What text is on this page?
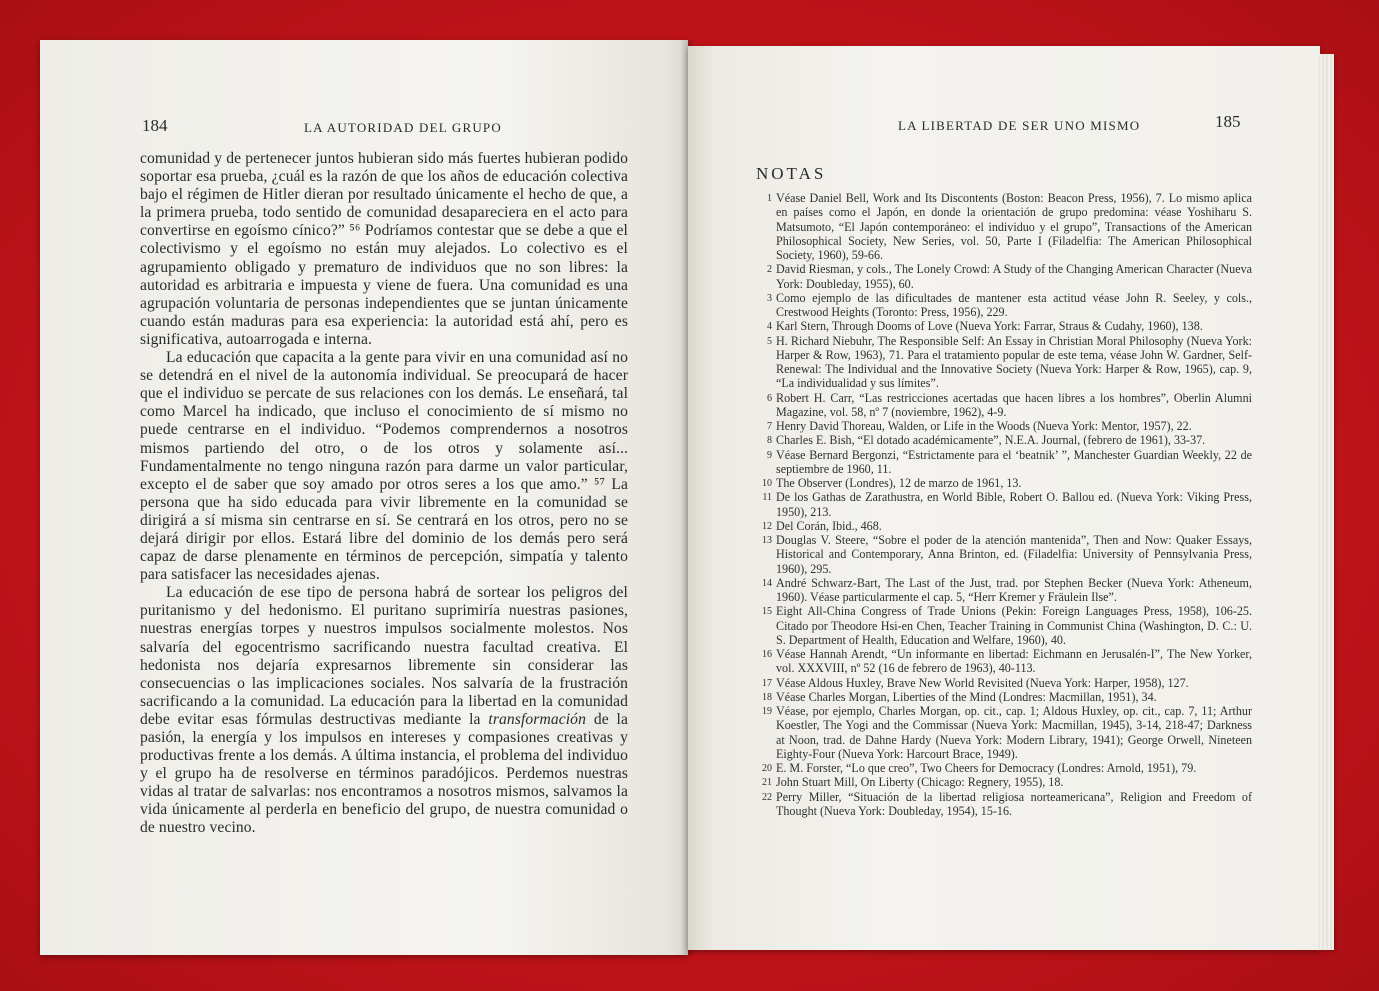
184	LA AUTORIDAD DEL GRUPO

comunidad y de pertenecer juntos hubieran sido más fuertes hubieran podido soportar esa prueba, ¿cuál es la razón de que los años de educación colectiva bajo el régimen de Hitler dieran por resultado únicamente el hecho de que, a la primera prueba, todo sentido de comunidad desapareciera en el acto para convertirse en egoísmo cínico?” ⁵⁶ Podríamos contestar que se debe a que el colectivismo y el egoísmo no están muy alejados. Lo colectivo es el agrupamiento obligado y prematuro de individuos que no son libres: la autoridad es arbitraria e impuesta y viene de fuera. Una comunidad es una agrupación voluntaria de personas independientes que se juntan únicamente cuando están maduras para esa experiencia: la autoridad está ahí, pero es significativa, autoarrogada e interna.

La educación que capacita a la gente para vivir en una comunidad así no se detendrá en el nivel de la autonomía individual. Se preocupará de hacer que el individuo se percate de sus relaciones con los demás. Le enseñará, tal como Marcel ha indicado, que incluso el conocimiento de sí mismo no puede centrarse en el individuo. “Podemos comprendernos a nosotros mismos partiendo del otro, o de los otros y solamente así... Fundamentalmente no tengo ninguna razón para darme un valor particular, excepto el de saber que soy amado por otros seres a los que amo.” ⁵⁷ La persona que ha sido educada para vivir libremente en la comunidad se dirigirá a sí misma sin centrarse en sí. Se centrará en los otros, pero no se dejará dirigir por ellos. Estará libre del dominio de los demás pero será capaz de darse plenamente en términos de percepción, simpatía y talento para satisfacer las necesidades ajenas.

La educación de ese tipo de persona habrá de sortear los peligros del puritanismo y del hedonismo. El puritano suprimiría nuestras pasiones, nuestras energías torpes y nuestros impulsos socialmente molestos. Nos salvaría del egocentrismo sacrificando nuestra facultad creativa. El hedonista nos dejaría expresarnos libremente sin considerar las consecuencias o las implicaciones sociales. Nos salvaría de la frustración sacrificando a la comunidad. La educación para la libertad en la comunidad debe evitar esas fórmulas destructivas mediante la transformación de la pasión, la energía y los impulsos en intereses y compasiones creativas y productivas frente a los demás. A última instancia, el problema del individuo y el grupo ha de resolverse en términos paradójicos. Perdemos nuestras vidas al tratar de salvarlas: nos encontramos a nosotros mismos, salvamos la vida únicamente al perderla en beneficio del grupo, de nuestra comunidad o de nuestro vecino.

LA LIBERTAD DE SER UNO MISMO	185
NOTAS
1 Véase Daniel Bell, Work and Its Discontents (Boston: Beacon Press, 1956), 7. Lo mismo aplica en países como el Japón, en donde la orientación de grupo predomina: véase Yoshiharu S. Matsumoto, “El Japón contemporáneo: el individuo y el grupo”, Transactions of the American Philosophical Society, New Series, vol. 50, Parte I (Filadelfia: The American Philosophical Society, 1960), 59-66.
2 David Riesman, y cols., The Lonely Crowd: A Study of the Changing American Character (Nueva York: Doubleday, 1955), 60.
3 Como ejemplo de las dificultades de mantener esta actitud véase John R. Seeley, y cols., Crestwood Heights (Toronto: Press, 1956), 229.
4 Karl Stern, Through Dooms of Love (Nueva York: Farrar, Straus & Cudahy, 1960), 138.
5 H. Richard Niebuhr, The Responsible Self: An Essay in Christian Moral Philosophy (Nueva York: Harper & Row, 1963), 71. Para el tratamiento popular de este tema, véase John W. Gardner, Self-Renewal: The Individual and the Innovative Society (Nueva York: Harper & Row, 1965), cap. 9, “La individualidad y sus límites”.
6 Robert H. Carr, “Las restricciones acertadas que hacen libres a los hombres”, Oberlin Alumni Magazine, vol. 58, nº 7 (noviembre, 1962), 4-9.
7 Henry David Thoreau, Walden, or Life in the Woods (Nueva York: Mentor, 1957), 22.
8 Charles E. Bish, “El dotado académicamente”, N.E.A. Journal, (febrero de 1961), 33-37.
9 Véase Bernard Bergonzi, “Estrictamente para el ‘beatnik’ ”, Manchester Guardian Weekly, 22 de septiembre de 1960, 11.
10 The Observer (Londres), 12 de marzo de 1961, 13.
11 De los Gathas de Zarathustra, en World Bible, Robert O. Ballou ed. (Nueva York: Viking Press, 1950), 213.
12 Del Corán, Ibid., 468.
13 Douglas V. Steere, “Sobre el poder de la atención mantenida”, Then and Now: Quaker Essays, Historical and Contemporary, Anna Brinton, ed. (Filadelfia: University of Pennsylvania Press, 1960), 295.
14 André Schwarz-Bart, The Last of the Just, trad. por Stephen Becker (Nueva York: Atheneum, 1960). Véase particularmente el cap. 5, “Herr Kremer y Fräulein Ilse”.
15 Eight All-China Congress of Trade Unions (Pekin: Foreign Languages Press, 1958), 106-25. Citado por Theodore Hsi-en Chen, Teacher Training in Communist China (Washington, D. C.: U. S. Department of Health, Education and Welfare, 1960), 40.
16 Véase Hannah Arendt, “Un informante en libertad: Eichmann en Jerusalén-I”, The New Yorker, vol. XXXVIII, nº 52 (16 de febrero de 1963), 40-113.
17 Véase Aldous Huxley, Brave New World Revisited (Nueva York: Harper, 1958), 127.
18 Véase Charles Morgan, Liberties of the Mind (Londres: Macmillan, 1951), 34.
19 Véase, por ejemplo, Charles Morgan, op. cit., cap. 1; Aldous Huxley, op. cit., cap. 7, 11; Arthur Koestler, The Yogi and the Commissar (Nueva York: Macmillan, 1945), 3-14, 218-47; Darkness at Noon, trad. de Dahne Hardy (Nueva York: Modern Library, 1941); George Orwell, Nineteen Eighty-Four (Nueva York: Harcourt Brace, 1949).
20 E. M. Forster, “Lo que creo”, Two Cheers for Democracy (Londres: Arnold, 1951), 79.
21 John Stuart Mill, On Liberty (Chicago: Regnery, 1955), 18.
22 Perry Miller, “Situación de la libertad religiosa norteamericana”, Religion and Freedom of Thought (Nueva York: Doubleday, 1954), 15-16.
